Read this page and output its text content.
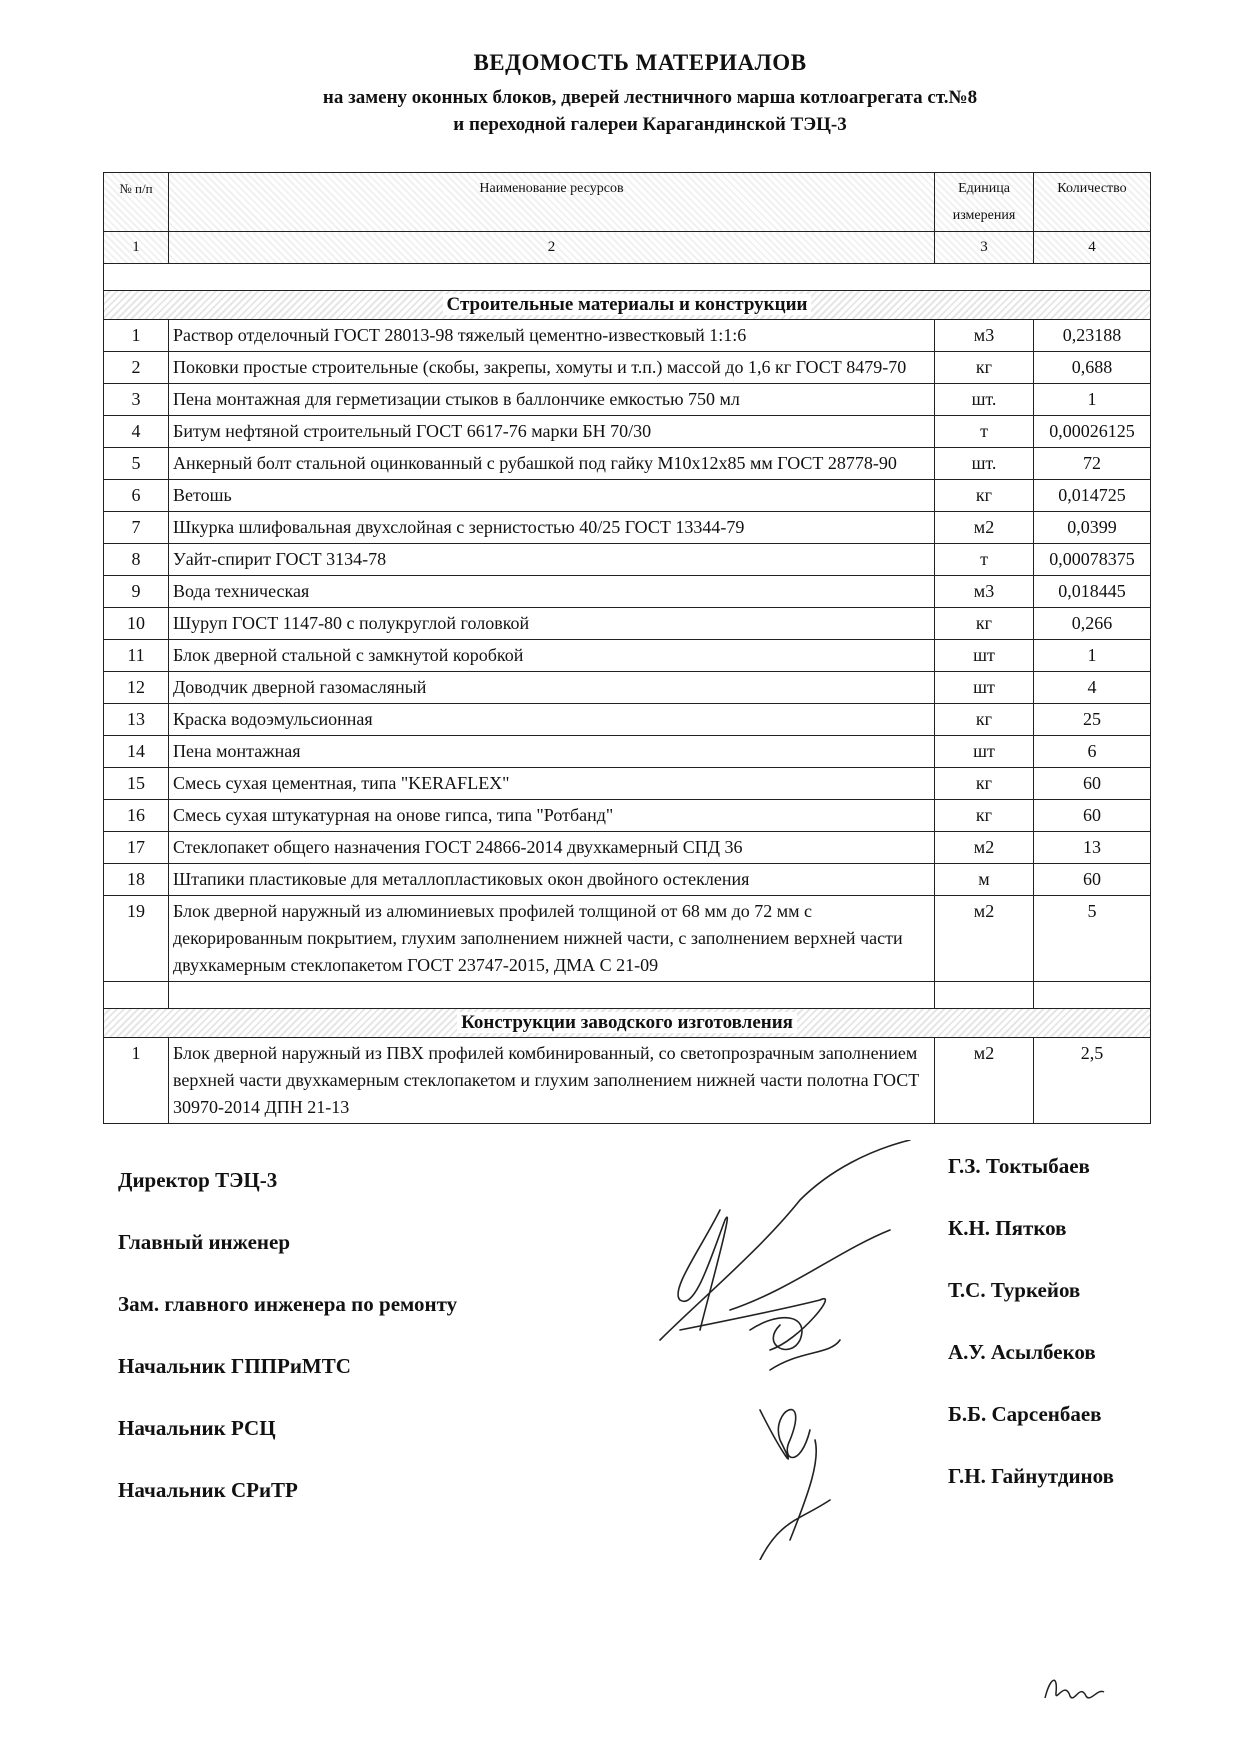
ВЕДОМОСТЬ МАТЕРИАЛОВ
на замену оконных блоков, дверей лестничного марша котлоагрегата ст.№8
и переходной галереи Карагандинской ТЭЦ-3
№ п/п	Наименование ресурсов	Единица измерения	Количество
1	2	3	4

Строительные материалы и конструкции			
1	Раствор отделочный ГОСТ 28013-98 тяжелый цементно-известковый 1:1:6	м3	0,23188
2	Поковки простые строительные (скобы, закрепы, хомуты и т.п.) массой до 1,6 кг ГОСТ 8479-70	кг	0,688
3	Пена монтажная для герметизации стыков в баллончике емкостью 750 мл	шт.	1
4	Битум нефтяной строительный ГОСТ 6617-76 марки БН 70/30	т	0,00026125
5	Анкерный болт стальной оцинкованный с рубашкой под гайку М10х12х85 мм ГОСТ 28778-90	шт.	72
6	Ветошь	кг	0,014725
7	Шкурка шлифовальная двухслойная с зернистостью 40/25 ГОСТ 13344-79	м2	0,0399
8	Уайт-спирит ГОСТ 3134-78	т	0,00078375
9	Вода техническая	м3	0,018445
10	Шуруп ГОСТ 1147-80 с полукруглой головкой	кг	0,266
11	Блок дверной стальной с замкнутой коробкой	шт	1
12	Доводчик дверной газомасляный	шт	4
13	Краска водоэмульсионная	кг	25
14	Пена монтажная	шт	6
15	Смесь сухая цементная, типа "KERAFLEX"	кг	60
16	Смесь сухая штукатурная на онове гипса, типа "Ротбанд"	кг	60
17	Стеклопакет общего назначения ГОСТ 24866-2014 двухкамерный СПД 36	м2	13
18	Штапики пластиковые для металлопластиковых окон двойного остекления	м	60
19	Блок дверной наружный из алюминиевых профилей толщиной от 68 мм до 72 мм с декорированным покрытием, глухим заполнением нижней части, с заполнением верхней части двухкамерным стеклопакетом ГОСТ 23747-2015, ДМА С 21-09	м2	5

Конструкции заводского изготовления			
1	Блок дверной наружный из ПВХ профилей комбинированный, со светопрозрачным заполнением верхней части двухкамерным стеклопакетом и глухим заполнением нижней части полотна ГОСТ 30970-2014 ДПН 21-13	м2	2,5
Директор ТЭЦ-3
Г.З. Токтыбаев
Главный инженер
К.Н. Пятков
Зам. главного инженера по ремонту
Т.С. Туркейов
Начальник ГППРиМТС
А.У. Асылбеков
Начальник РСЦ
Б.Б. Сарсенбаев
Начальник СРиТР
Г.Н. Гайнутдинов
